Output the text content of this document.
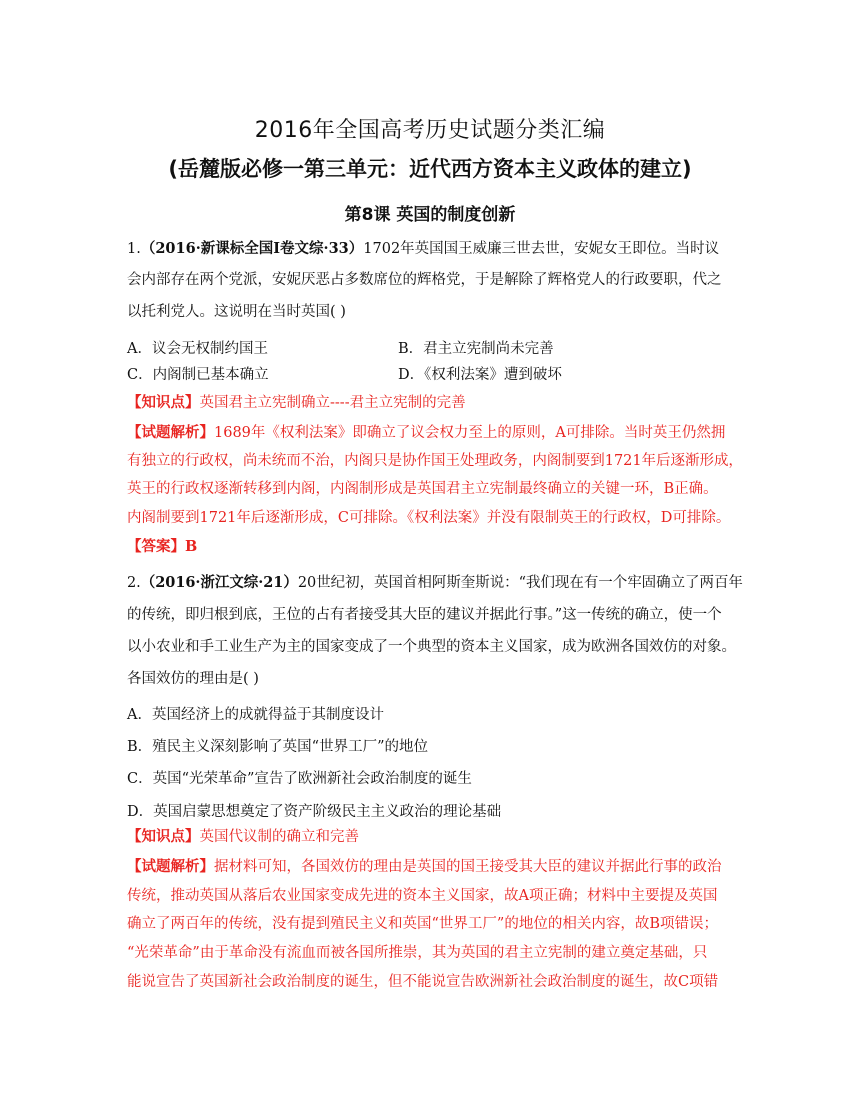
2016年全国高考历史试题分类汇编
(岳麓版必修一第三单元：近代西方资本主义政体的建立)
第8课 英国的制度创新
1.（2016·新课标全国Ⅰ卷文综·33）1702年英国国王威廉三世去世，安妮女王即位。当时议
会内部存在两个党派，安妮厌恶占多数席位的辉格党，于是解除了辉格党人的行政要职，代之
以托利党人。这说明在当时英国( )
A．议会无权制约国王	B．君主立宪制尚未完善
C．内阁制已基本确立	D．《权利法案》遭到破坏
【知识点】英国君主立宪制确立----君主立宪制的完善
【试题解析】1689年《权利法案》即确立了议会权力至上的原则，A可排除。当时英王仍然拥
有独立的行政权，尚未统而不治，内阁只是协作国王处理政务，内阁制要到1721年后逐渐形成，
英王的行政权逐渐转移到内阁，内阁制形成是英国君主立宪制最终确立的关键一环，B正确。
内阁制要到1721年后逐渐形成，C可排除。《权利法案》并没有限制英王的行政权，D可排除。
【答案】B
2.（2016·浙江文综·21）20世纪初，英国首相阿斯奎斯说：“我们现在有一个牢固确立了两百年
的传统，即归根到底，王位的占有者接受其大臣的建议并据此行事。”这一传统的确立，使一个
以小农业和手工业生产为主的国家变成了一个典型的资本主义国家，成为欧洲各国效仿的对象。
各国效仿的理由是( )
A．英国经济上的成就得益于其制度设计
B．殖民主义深刻影响了英国“世界工厂”的地位
C．英国“光荣革命”宣告了欧洲新社会政治制度的诞生
D．英国启蒙思想奠定了资产阶级民主主义政治的理论基础
【知识点】英国代议制的确立和完善
【试题解析】据材料可知，各国效仿的理由是英国的国王接受其大臣的建议并据此行事的政治
传统，推动英国从落后农业国家变成先进的资本主义国家，故A项正确；材料中主要提及英国
确立了两百年的传统，没有提到殖民主义和英国“世界工厂”的地位的相关内容，故B项错误；
“光荣革命”由于革命没有流血而被各国所推崇，其为英国的君主立宪制的建立奠定基础，只
能说宣告了英国新社会政治制度的诞生，但不能说宣告欧洲新社会政治制度的诞生，故C项错
